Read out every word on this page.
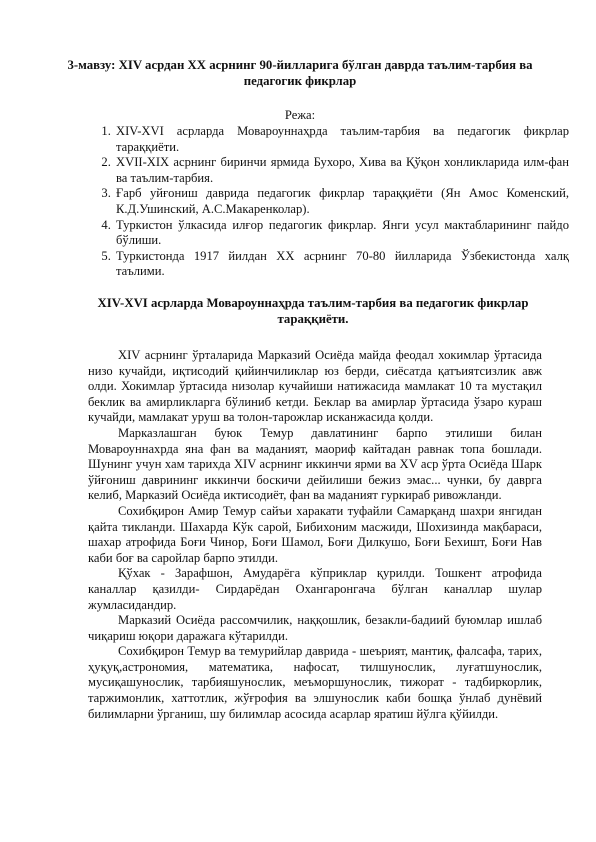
3-мавзу: XIV асрдан XX асрнинг 90-йилларига бўлган даврда таълим-тарбия ва педагогик фикрлар
Режа:
1. XIV-XVI асрларда Мовароуннаҳрда таълим-тарбия ва педагогик фикрлар тараққиёти.
2. XVII-XIX асрнинг биринчи ярмида Бухоро, Хива ва Қўқон хонликларида илм-фан ва таълим-тарбия.
3. Ғарб уйғониш даврида педагогик фикрлар тараққиёти (Ян Амос Коменский, К.Д.Ушинский, А.С.Макаренколар).
4. Туркистон ўлкасида илғор педагогик фикрлар. Янги усул мактабларининг пайдо бўлиши.
5. Туркистонда 1917 йилдан XX асрнинг 70-80 йилларида Ўзбекистонда халқ таълими.
XIV-XVI асрларда Мовароуннаҳрда таълим-тарбия ва педагогик фикрлар тараққиёти.

XIV асрнинг ўрталарида Марказий Осиёда майда феодал хокимлар ўртасида низо кучайди, иқтисодий қийинчиликлар юз берди, сиёсатда қатъиятсизлик авж олди. Хокимлар ўртасида низолар кучайиши натижасида мамлакат 10 та мустақил беклик ва амирликларга бўлиниб кетди. Беклар ва амирлар ўртасида ўзаро кураш кучайди, мамлакат уруш ва толон-тарожлар исканжасида қолди.

Марказлашган буюк Темур давлатининг барпо этилиши билан Мовароуннахрда яна фан ва маданият, маориф кайтадан равнак топа бошлади. Шунинг учун хам тарихда XIV асрнинг иккинчи ярми ва XV аср ўрта Осиёда Шарк ўйғониш даврининг иккинчи боскичи дейилиши бежиз эмас... чунки, бу даврга келиб, Марказий Осиёда иктисодиёт, фан ва маданият гуркираб ривожланди.

Сохибқирон Амир Темур сайъи харакати туфайли Самарқанд шахри янгидан қайта тикланди. Шахарда Кўк сарой, Бибихоним масжиди, Шохизинда мақбараси, шахар атрофида Боғи Чинор, Боғи Шамол, Боғи Дилкушо, Боғи Бехишт, Боғи Нав каби боғ ва саройлар барпо этилди.

Қўхак - Зарафшон, Амударёга кўприклар қурилди. Тошкент атрофида каналлар қазилди- Сирдарёдан Охангаронгача бўлган каналлар шулар жумласидандир.

Марказий Осиёда рассомчилик, наққошлик, безакли-бадиий буюмлар ишлаб чиқариш юқори даражага кўтарилди.

Сохибқирон Темур ва темурийлар даврида - шеърият, мантиқ, фалсафа, тарих, ҳуқуқ,астрономия, математика, нафосат, тилшунослик, луғатшунослик, мусиқашунослик, тарбияшунослик, меъморшунослик, тижорат - тадбиркорлик, таржимонлик, хаттотлик, жўғрофия ва элшунослик каби бошқа ўнлаб дунёвий билимларни ўрганиш, шу билимлар асосида асарлар яратиш йўлга қўйилди.
